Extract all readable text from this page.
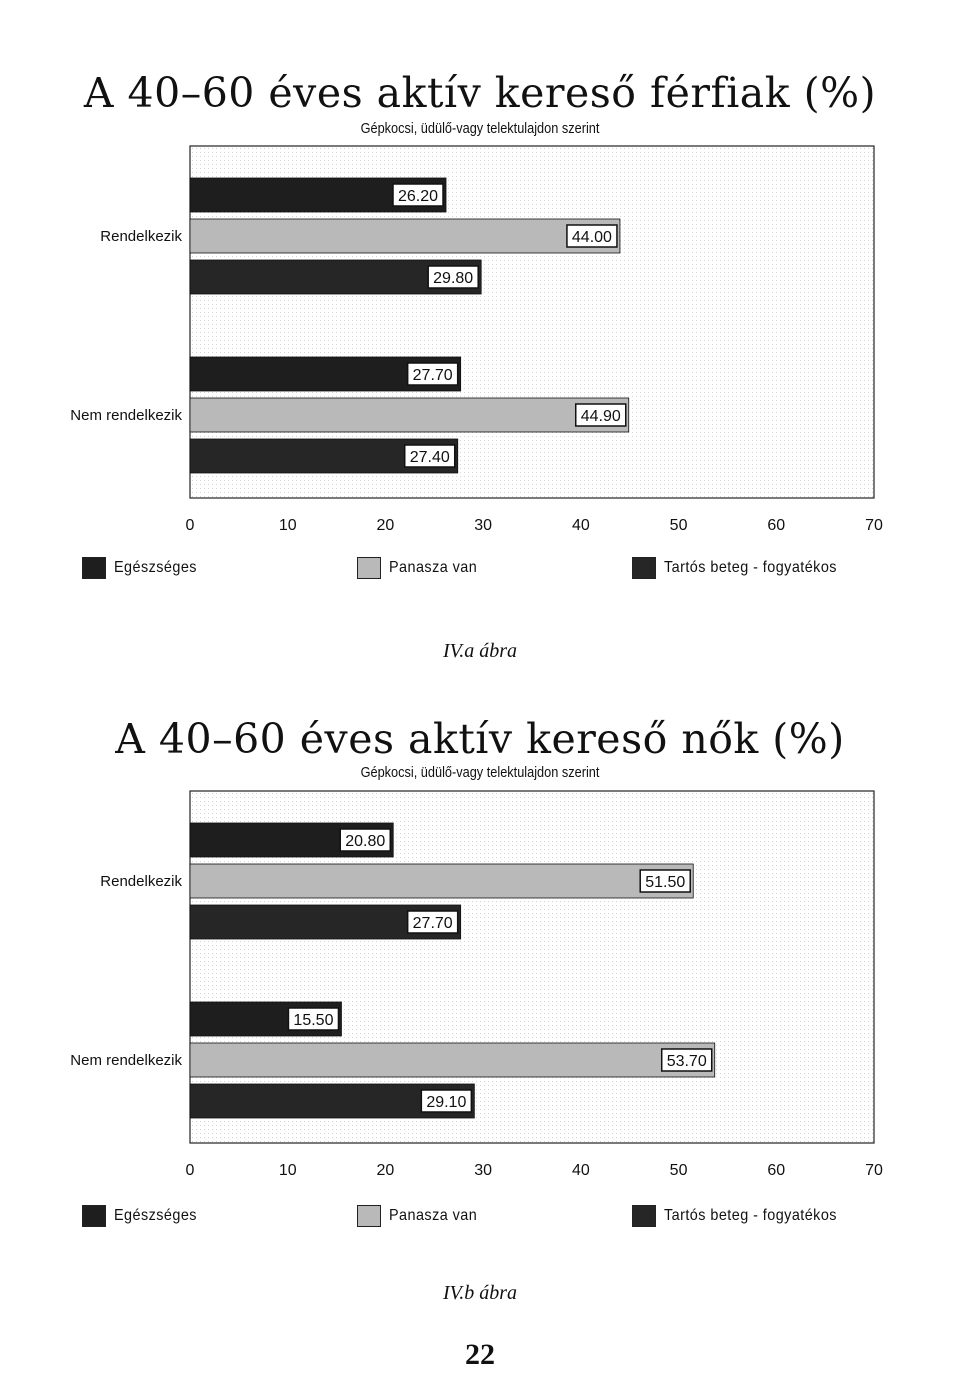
A 40–60 éves aktív kereső férfiak (%)
Gépkocsi, üdülő-vagy telektulajdon szerint
26.20
44.00
29.80
Rendelkezik
27.70
44.90
27.40
Nem rendelkezik
0	10	20	30	40	50	60	70
Egészséges	Panasza van	Tartós beteg - fogyatékos
IV.a ábra
A 40–60 éves aktív kereső nők (%)
Gépkocsi, üdülő-vagy telektulajdon szerint
20.80
51.50
27.70
Rendelkezik
15.50
53.70
29.10
Nem rendelkezik
0	10	20	30	40	50	60	70
Egészséges	Panasza van	Tartós beteg - fogyatékos
IV.b ábra
22
